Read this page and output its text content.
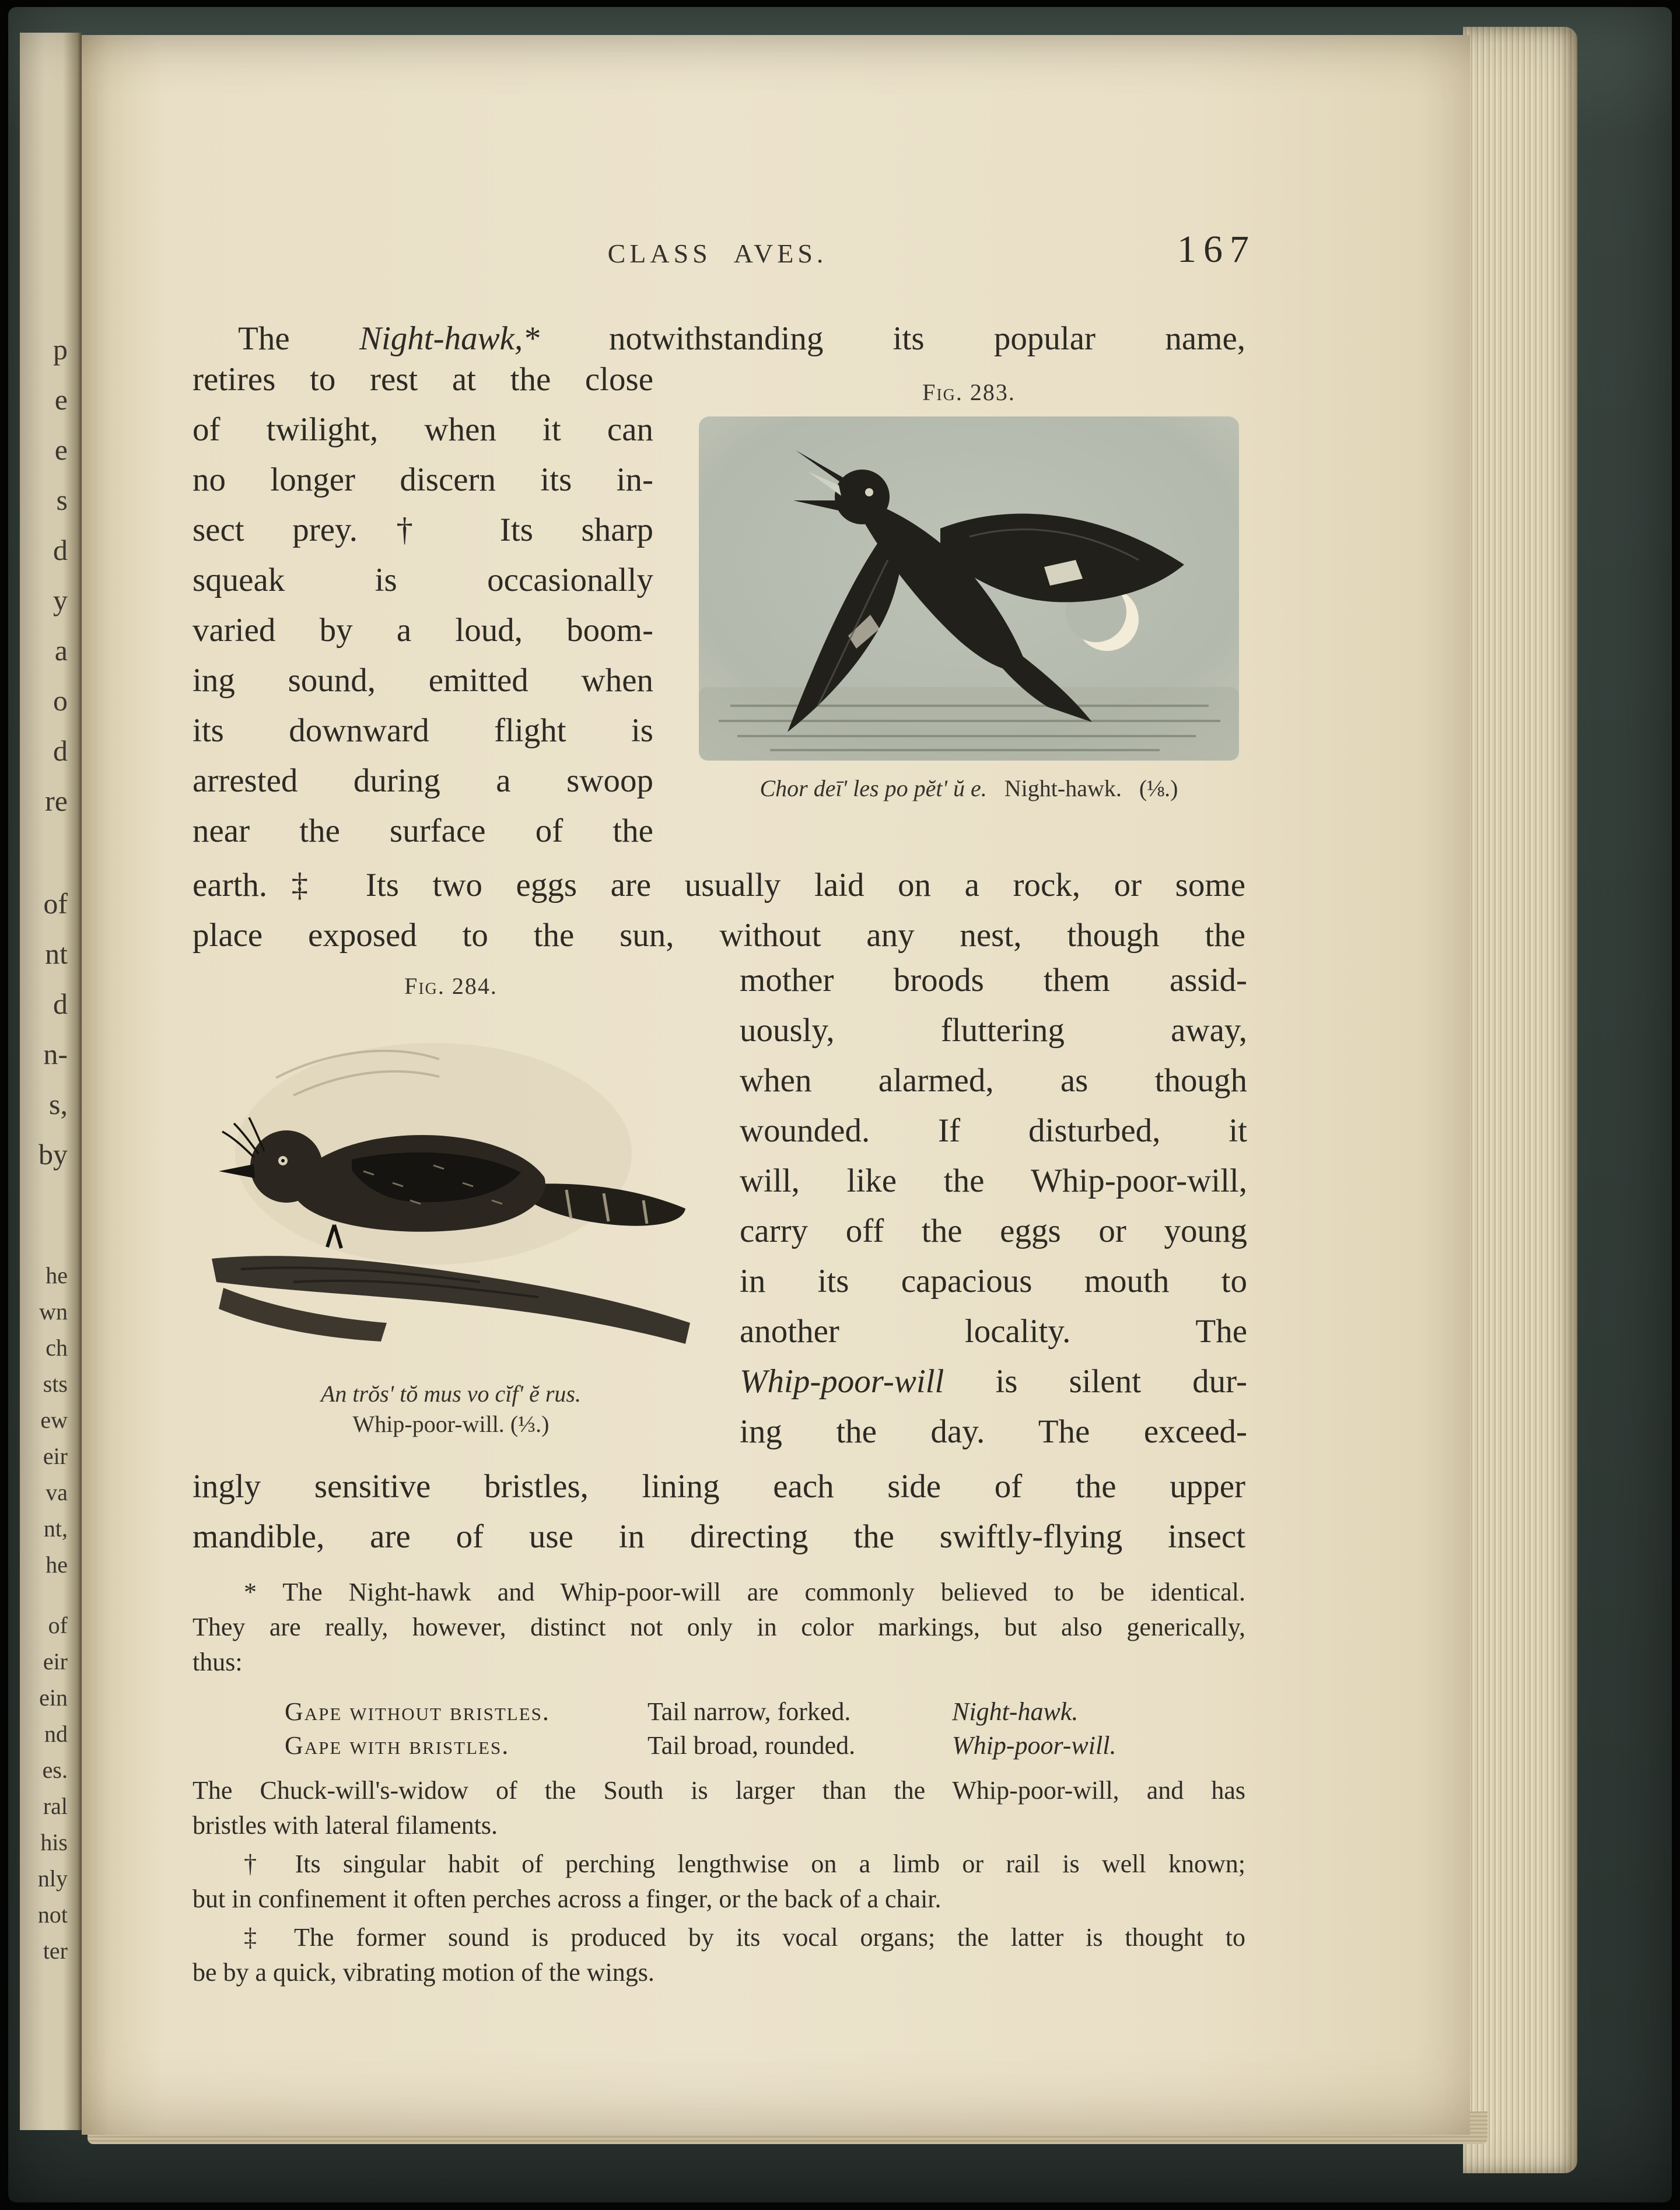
p
e
e
s
d
y
a
o
d
re
of
nt
d
n-
s,
by
he
wn
ch
sts
ew
eir
va
nt,
he
of
eir
ein
nd
es.
ral
his
nly
not
ter
CLASS AVES.	167
The Night-hawk,* notwithstanding its popular name,
retires to rest at the close
of twilight, when it can
no longer discern its in-
sect prey.† Its sharp
squeak is occasionally
varied by a loud, boom-
ing sound, emitted when
its downward flight is
arrested during a swoop
near the surface of the
Fig. 283.
Chor deī' les po pĕt' ŭ e. Night-hawk. (⅛.)
earth.‡ Its two eggs are usually laid on a rock, or some
place exposed to the sun, without any nest, though the
Fig. 284.
An trŏs' tŏ mus vo cĭf' ĕ rus.
Whip-poor-will. (⅓.)
mother broods them assid-
uously, fluttering away,
when alarmed, as though
wounded. If disturbed, it
will, like the Whip-poor-will,
carry off the eggs or young
in its capacious mouth to
another locality. The
Whip-poor-will is silent dur-
ing the day. The exceed-
ingly sensitive bristles, lining each side of the upper
mandible, are of use in directing the swiftly-flying insect
* The Night-hawk and Whip-poor-will are commonly believed to be identical.
They are really, however, distinct not only in color markings, but also generically,
thus:
Gape without bristles.	Tail narrow, forked.	Night-hawk.
Gape with bristles.	Tail broad, rounded.	Whip-poor-will.
The Chuck-will's-widow of the South is larger than the Whip-poor-will, and has
bristles with lateral filaments.
† Its singular habit of perching lengthwise on a limb or rail is well known;
but in confinement it often perches across a finger, or the back of a chair.
‡ The former sound is produced by its vocal organs; the latter is thought to
be by a quick, vibrating motion of the wings.
